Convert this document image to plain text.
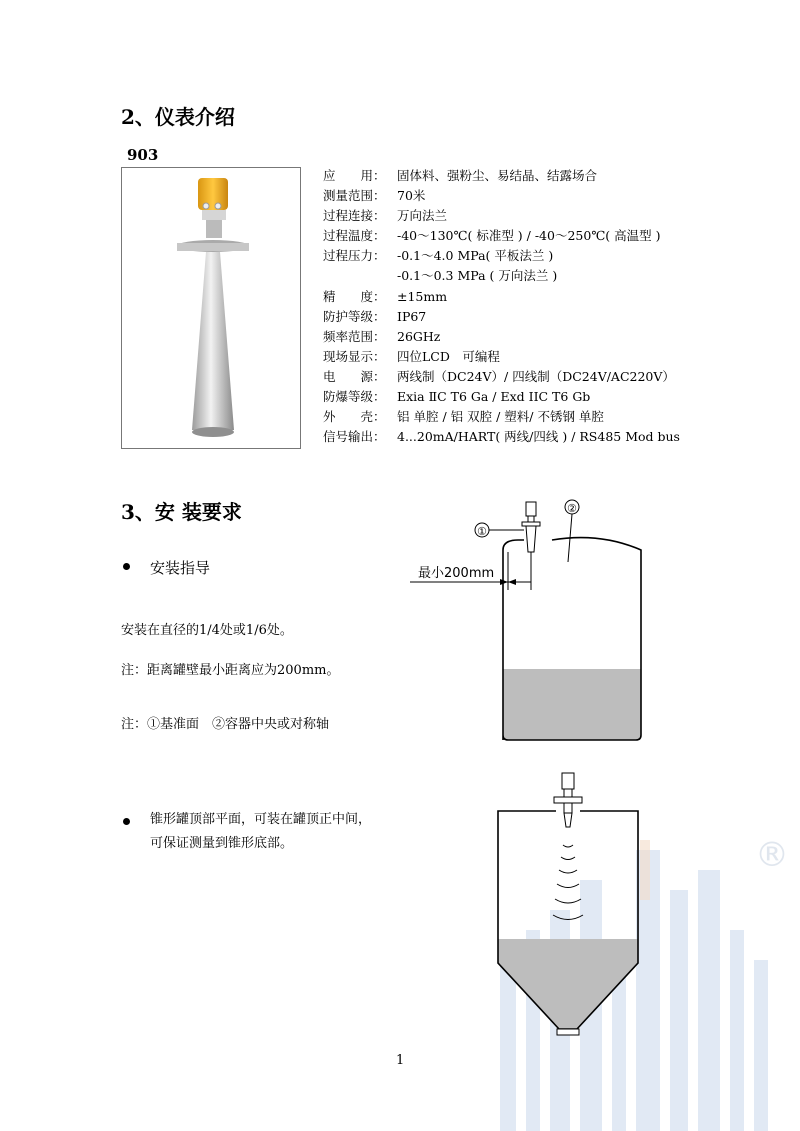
®
2、仪表介绍
903
应　　用： 固体料、强粉尘、易结晶、结露场合
测量范围： 70米
过程连接： 万向法兰
过程温度： -40～130℃( 标准型 ) / -40～250℃( 高温型 )
过程压力： -0.1～4.0 MPa( 平板法兰 )
-0.1～0.3 MPa ( 万向法兰 )
精　　度： ±15mm
防护等级： IP67
频率范围： 26GHz
现场显示： 四位LCD　可编程
电　　源： 两线制（DC24V）/ 四线制（DC24V/AC220V）
防爆等级： Exia ⅡC T6 Ga / Exd IIC T6 Gb
外　　壳： 铝 单腔 / 铝 双腔 / 塑料/ 不锈钢 单腔
信号输出： 4...20mA/HART( 两线/四线 ) / RS485 Mod bus
3、安 装要求
安装指导
安装在直径的1/4处或1/6处。
注：距离罐壁最小距离应为200mm。
注：①基准面　②容器中央或对称轴
锥形罐顶部平面，可装在罐顶正中间，
可保证测量到锥形底部。
最小200mm
①
②
1
